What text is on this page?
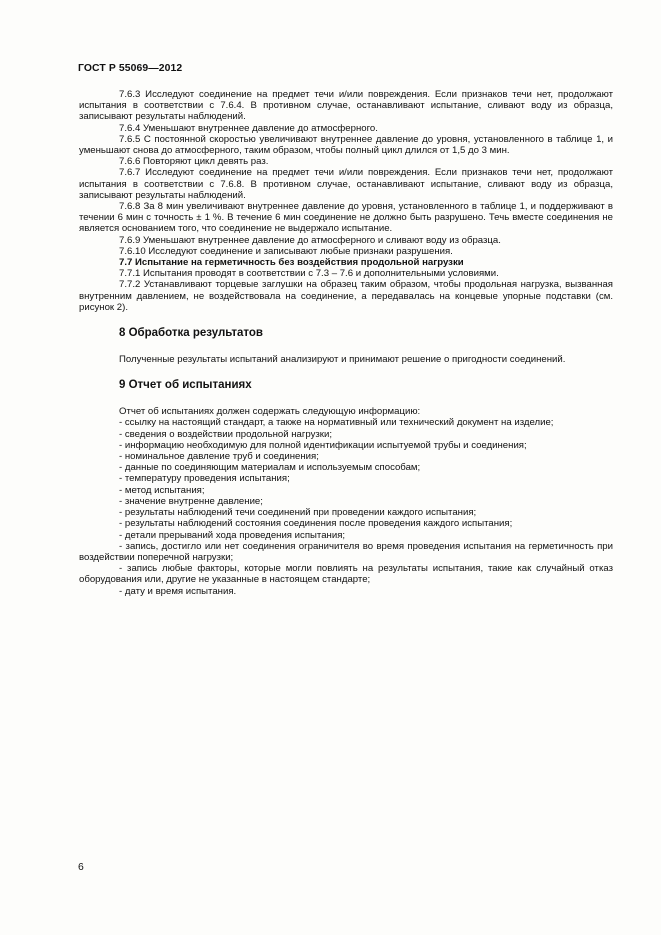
ГОСТ Р 55069—2012

7.6.3 Исследуют соединение на предмет течи и/или повреждения. Если признаков течи нет, продолжают испытания в соответствии с 7.6.4. В противном случае, останавливают испытание, сливают воду из образца, записывают результаты наблюдений.

7.6.4 Уменьшают внутреннее давление до атмосферного.

7.6.5 С постоянной скоростью увеличивают внутреннее давление до уровня, установленного в таблице 1, и уменьшают снова до атмосферного, таким образом, чтобы полный цикл длился от 1,5 до 3 мин.

7.6.6 Повторяют цикл девять раз.

7.6.7 Исследуют соединение на предмет течи и/или повреждения. Если признаков течи нет, продолжают испытания в соответствии с 7.6.8. В противном случае, останавливают испытание, сливают воду из образца, записывают результаты наблюдений.

7.6.8 За 8 мин увеличивают внутреннее давление до уровня, установленного в таблице 1, и поддерживают в течении 6 мин с точность ± 1 %. В течение 6 мин соединение не должно быть разрушено. Течь вместе соединения не является основанием того, что соединение не выдержало испытание.

7.6.9 Уменьшают внутреннее давление до атмосферного и сливают воду из образца.

7.6.10 Исследуют соединение и записывают любые признаки разрушения.

7.7 Испытание на герметичность без воздействия продольной нагрузки

7.7.1 Испытания проводят в соответствии с 7.3 – 7.6 и дополнительными условиями.

7.7.2 Устанавливают торцевые заглушки на образец таким образом, чтобы продольная нагрузка, вызванная внутренним давлением, не воздействовала на соединение, а передавалась на концевые упорные подставки (см. рисунок 2).

8 Обработка результатов

Полученные результаты испытаний анализируют и принимают решение о пригодности соединений.

9 Отчет об испытаниях

Отчет об испытаниях должен содержать следующую информацию:

- ссылку на настоящий стандарт, а также на нормативный или технический документ на изделие;

- сведения о воздействии продольной нагрузки;

- информацию необходимую для полной идентификации испытуемой трубы и соединения;

- номинальное давление труб и соединения;

- данные по соединяющим материалам и используемым способам;

- температуру проведения испытания;

- метод испытания;

- значение внутренне давление;

- результаты наблюдений течи соединений при проведении каждого испытания;

- результаты наблюдений состояния соединения после проведения каждого испытания;

- детали прерываний хода проведения испытания;

- запись, достигло или нет соединения ограничителя во время проведения испытания на герметичность при воздействии поперечной нагрузки;

- запись любые факторы, которые могли повлиять на результаты испытания, такие как случайный отказ оборудования или, другие не указанные в настоящем стандарте;

- дату и время испытания.

6
